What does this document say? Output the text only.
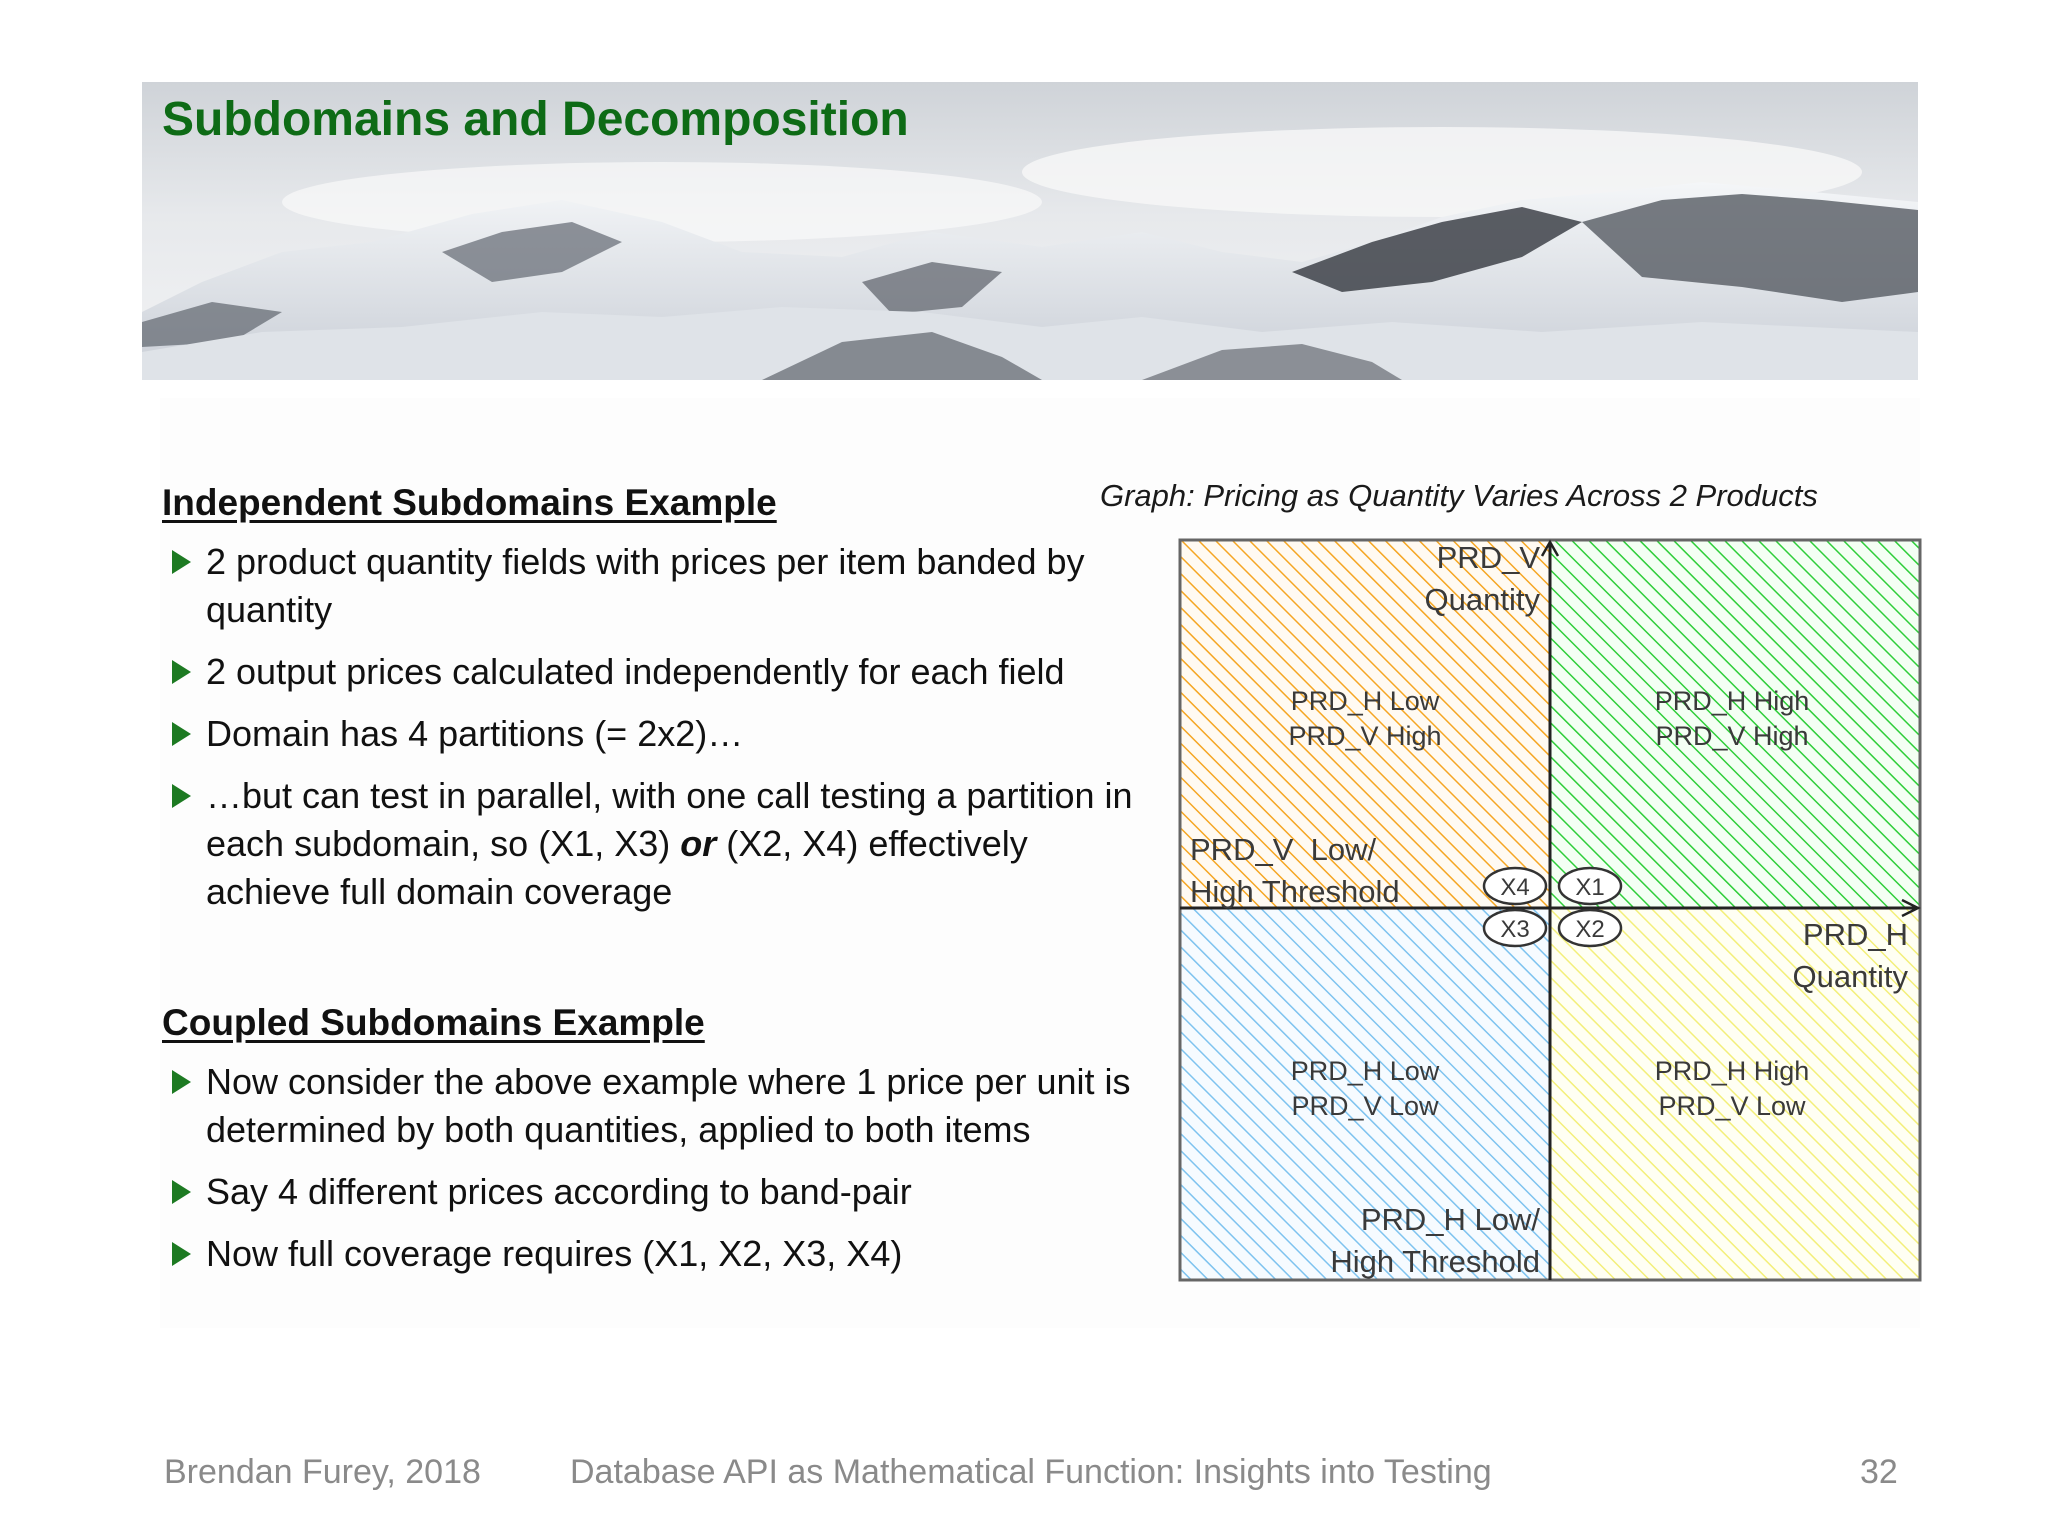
Subdomains and Decomposition
Independent Subdomains Example
2 product quantity fields with prices per item banded by quantity
2 output prices calculated independently for each field
Domain has 4 partitions (= 2x2)…
…but can test in parallel, with one call testing a partition in each subdomain, so (X1, X3) or (X2, X4) effectively achieve full domain coverage
Coupled Subdomains Example
Now consider the above example where 1 price per unit is determined by both quantities, applied to both items
Say 4 different prices according to band-pair
Now full coverage requires (X1, X2, X3, X4)
Graph: Pricing as Quantity Varies Across 2 Products
PRD_V
Quantity
PRD_H
Quantity
PRD_V  Low/
High Threshold
PRD_H Low/
High Threshold
PRD_H Low
PRD_V High
PRD_H High
PRD_V High
PRD_H Low
PRD_V Low
PRD_H High
PRD_V Low
X4 X1
X3 X2
Brendan Furey, 2018	Database API as Mathematical Function: Insights into Testing	32
